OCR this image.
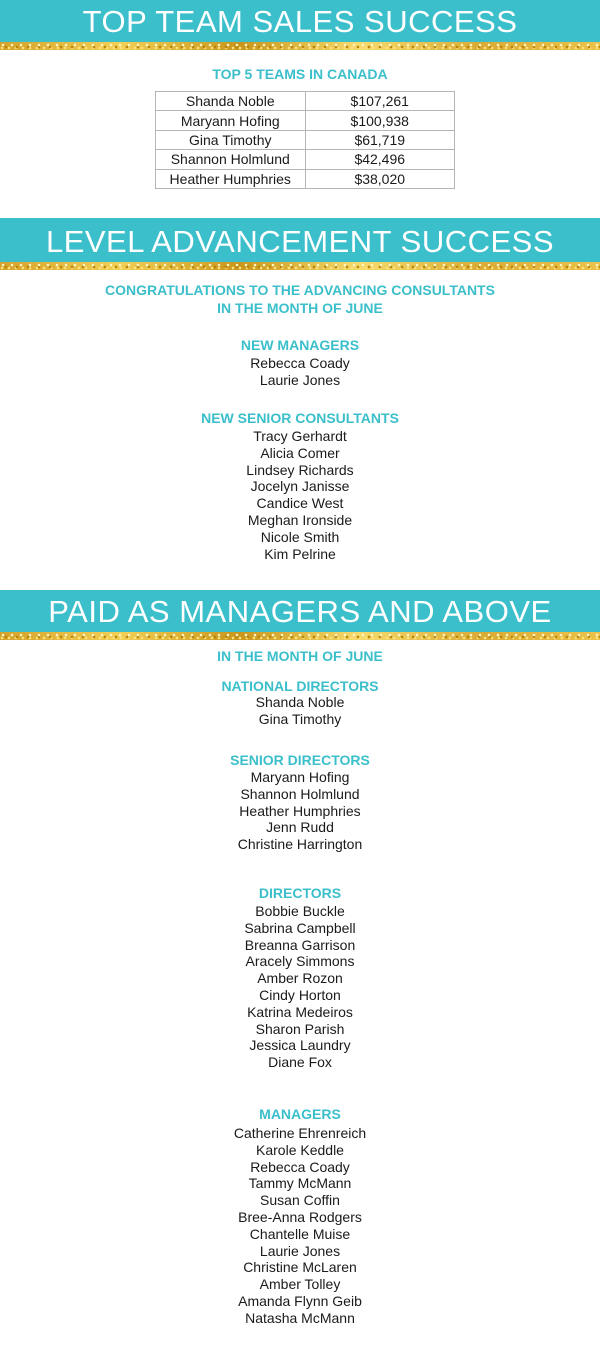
TOP TEAM SALES SUCCESS
TOP 5 TEAMS IN CANADA
Shanda Noble	$107,261
Maryann Hofing	$100,938
Gina Timothy	$61,719
Shannon Holmlund	$42,496
Heather Humphries	$38,020
LEVEL ADVANCEMENT SUCCESS
CONGRATULATIONS TO THE ADVANCING CONSULTANTS
IN THE MONTH OF JUNE
NEW MANAGERS
Rebecca Coady
Laurie Jones
NEW SENIOR CONSULTANTS
Tracy Gerhardt
Alicia Comer
Lindsey Richards
Jocelyn Janisse
Candice West
Meghan Ironside
Nicole Smith
Kim Pelrine
PAID AS MANAGERS AND ABOVE
IN THE MONTH OF JUNE
NATIONAL DIRECTORS
Shanda Noble
Gina Timothy
SENIOR DIRECTORS
Maryann Hofing
Shannon Holmlund
Heather Humphries
Jenn Rudd
Christine Harrington
DIRECTORS
Bobbie Buckle
Sabrina Campbell
Breanna Garrison
Aracely Simmons
Amber Rozon
Cindy Horton
Katrina Medeiros
Sharon Parish
Jessica Laundry
Diane Fox
MANAGERS
Catherine Ehrenreich
Karole Keddle
Rebecca Coady
Tammy McMann
Susan Coffin
Bree-Anna Rodgers
Chantelle Muise
Laurie Jones
Christine McLaren
Amber Tolley
Amanda Flynn Geib
Natasha McMann
